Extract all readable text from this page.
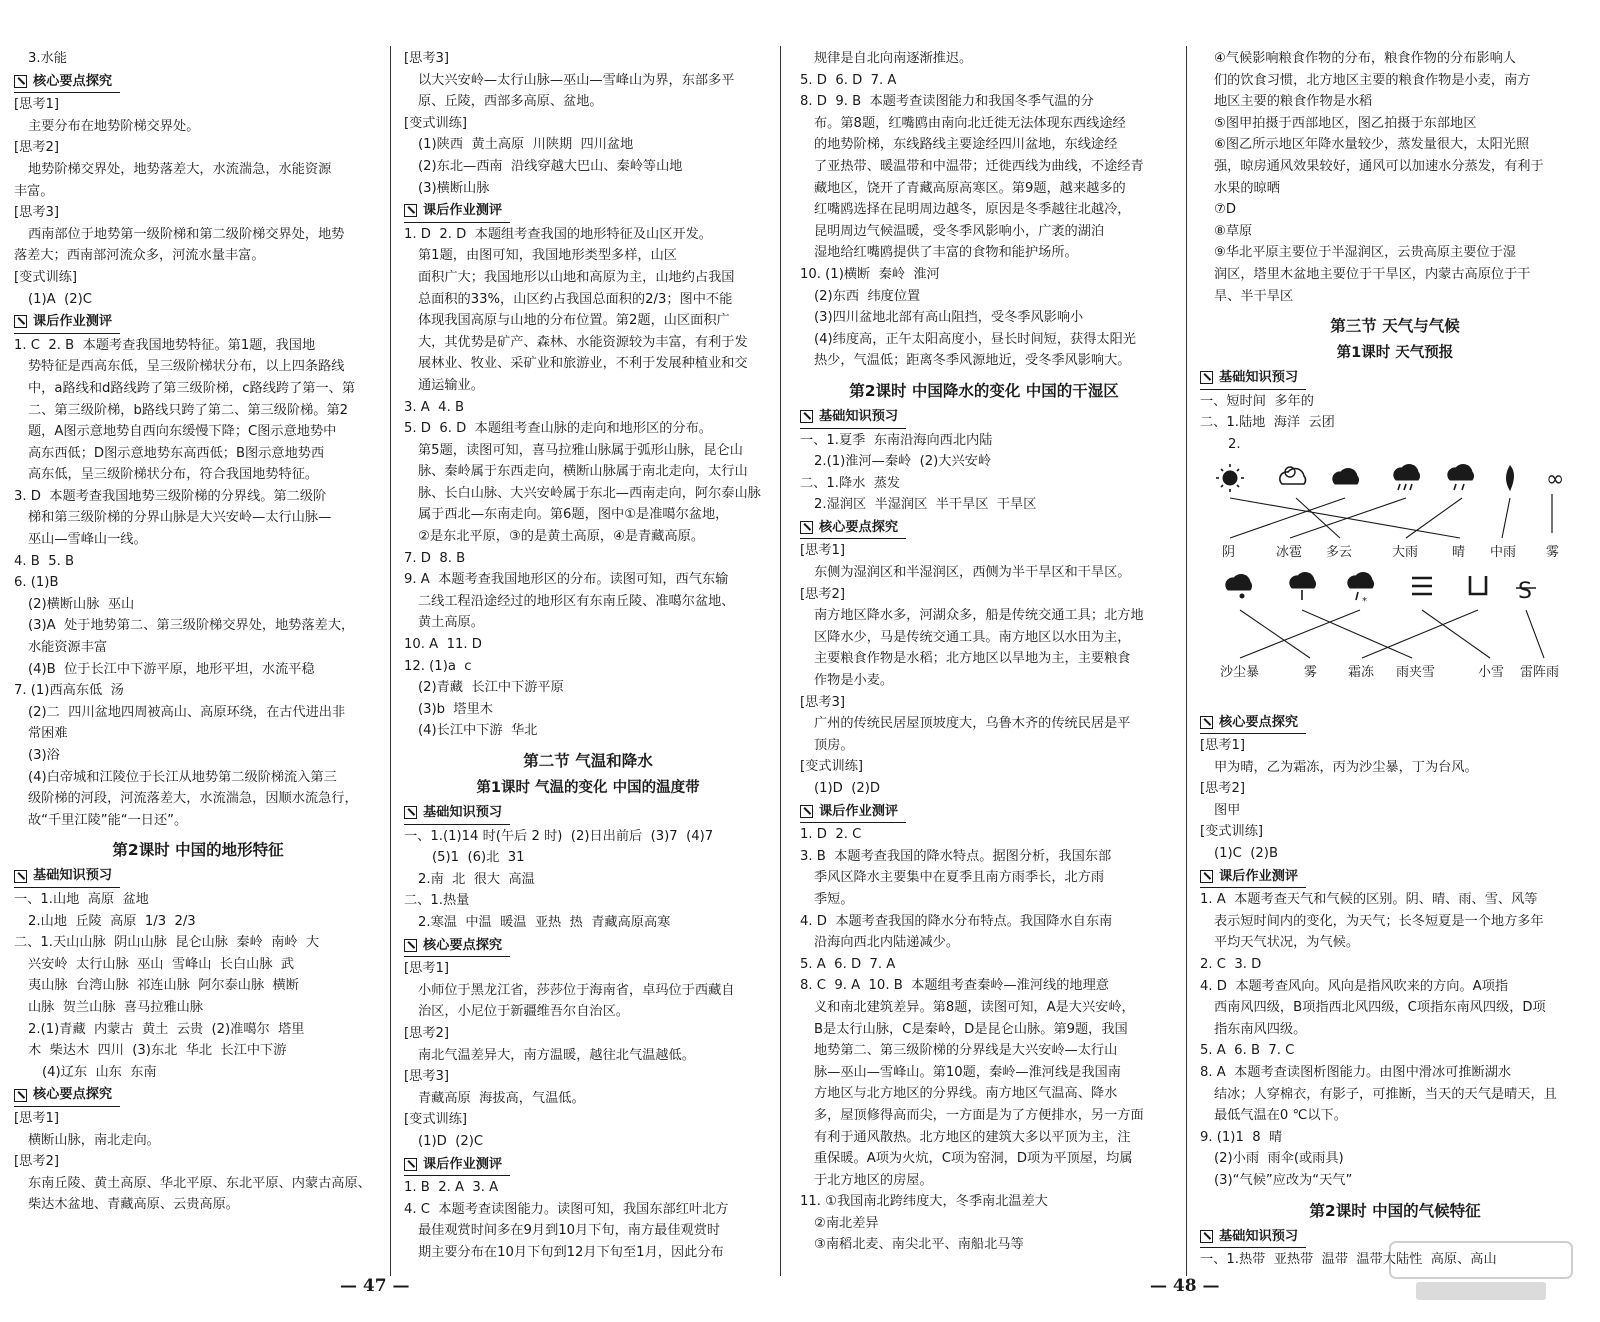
3.水能

核心要点探究

[思考1]

主要分布在地势阶梯交界处。

[思考2]

地势阶梯交界处，地势落差大，水流湍急，水能资源

丰富。

[思考3]

西南部位于地势第一级阶梯和第二级阶梯交界处，地势

落差大；西南部河流众多，河流水量丰富。

[变式训练]

(1)A  (2)C

课后作业测评

1. C  2. B  本题考查我国地势特征。第1题，我国地

势特征是西高东低，呈三级阶梯状分布，以上四条路线

中，a路线和d路线跨了第三级阶梯，c路线跨了第一、第

二、第三级阶梯，b路线只跨了第二、第三级阶梯。第2

题，A图示意地势自西向东缓慢下降；C图示意地势中

高东西低；D图示意地势东高西低；B图示意地势西

高东低，呈三级阶梯状分布，符合我国地势特征。

3. D  本题考查我国地势三级阶梯的分界线。第二级阶

梯和第三级阶梯的分界山脉是大兴安岭—太行山脉—

巫山—雪峰山一线。

4. B  5. B

6. (1)B

(2)横断山脉  巫山

(3)A  处于地势第二、第三级阶梯交界处，地势落差大，

水能资源丰富

(4)B  位于长江中下游平原，地形平坦，水流平稳

7. (1)西高东低  汤

(2)二  四川盆地四周被高山、高原环绕，在古代进出非

常困难

(3)浴

(4)白帝城和江陵位于长江从地势第二级阶梯流入第三

级阶梯的河段，河流落差大，水流湍急，因顺水流急行，

故“千里江陵”能“一日还”。

第2课时 中国的地形特征
基础知识预习

一、1.山地  高原  盆地

2.山地  丘陵  高原  1/3  2/3

二、1.天山山脉  阴山山脉  昆仑山脉  秦岭  南岭  大

兴安岭  太行山脉  巫山  雪峰山  长白山脉  武

夷山脉  台湾山脉  祁连山脉  阿尔泰山脉  横断

山脉  贺兰山脉  喜马拉雅山脉

2.(1)青藏  内蒙古  黄土  云贵  (2)准噶尔  塔里

木  柴达木  四川  (3)东北  华北  长江中下游

(4)辽东  山东  东南

核心要点探究

[思考1]

横断山脉，南北走向。

[思考2]

东南丘陵、黄土高原、华北平原、东北平原、内蒙古高原、

柴达木盆地、青藏高原、云贵高原。

[思考3]

以大兴安岭—太行山脉—巫山—雪峰山为界，东部多平

原、丘陵，西部多高原、盆地。

[变式训练]

(1)陕西  黄土高原  川陕期  四川盆地

(2)东北—西南  沿线穿越大巴山、秦岭等山地

(3)横断山脉

课后作业测评

1. D  2. D  本题组考查我国的地形特征及山区开发。

第1题，由图可知，我国地形类型多样，山区

面积广大；我国地形以山地和高原为主，山地约占我国

总面积的33%，山区约占我国总面积的2/3；图中不能

体现我国高原与山地的分布位置。第2题，山区面积广

大，其优势是矿产、森林、水能资源较为丰富，有利于发

展林业、牧业、采矿业和旅游业，不利于发展种植业和交

通运输业。

3. A  4. B

5. D  6. D  本题组考查山脉的走向和地形区的分布。

第5题，读图可知，喜马拉雅山脉属于弧形山脉，昆仑山

脉、秦岭属于东西走向，横断山脉属于南北走向，太行山

脉、长白山脉、大兴安岭属于东北—西南走向，阿尔泰山脉

属于西北—东南走向。第6题，图中①是准噶尔盆地，

②是东北平原，③的是黄土高原，④是青藏高原。

7. D  8. B

9. A  本题考查我国地形区的分布。读图可知，西气东输

二线工程沿途经过的地形区有东南丘陵、准噶尔盆地、

黄土高原。

10. A  11. D

12. (1)a  c

(2)青藏  长江中下游平原

(3)b  塔里木

(4)长江中下游  华北

第二节 气温和降水
第1课时 气温的变化 中国的温度带
基础知识预习

一、1.(1)14 时(午后 2 时)  (2)日出前后  (3)7  (4)7

(5)1  (6)北  31

2.南  北  很大  高温

二、1.热量

2.寒温  中温  暖温  亚热  热  青藏高原高寒

核心要点探究

[思考1]

小师位于黑龙江省，莎莎位于海南省，卓玛位于西藏自

治区，小尼位于新疆维吾尔自治区。

[思考2]

南北气温差异大，南方温暖，越往北气温越低。

[思考3]

青藏高原  海拔高，气温低。

[变式训练]

(1)D  (2)C

课后作业测评

1. B  2. A  3. A

4. C  本题考查读图能力。读图可知，我国东部红叶北方

最佳观赏时间多在9月到10月下旬，南方最佳观赏时

期主要分布在10月下旬到12月下旬至1月，因此分布

规律是自北向南逐渐推迟。

5. D  6. D  7. A

8. D  9. B  本题考查读图能力和我国冬季气温的分

布。第8题，红嘴鸥由南向北迁徙无法体现东西线途经

的地势阶梯，东线路线主要途经四川盆地，东线途经

了亚热带、暖温带和中温带；迁徙西线为曲线，不途经青

藏地区，饶开了青藏高原高寒区。第9题，越来越多的

红嘴鸥选择在昆明周边越冬，原因是冬季越往北越冷，

昆明周边气候温暖，受冬季风影响小，广袤的湖泊

湿地给红嘴鸥提供了丰富的食物和能护场所。

10. (1)横断  秦岭  淮河

(2)东西  纬度位置

(3)四川盆地北部有高山阻挡，受冬季风影响小

(4)纬度高，正午太阳高度小，昼长时间短，获得太阳光

热少，气温低；距离冬季风源地近，受冬季风影响大。

第2课时 中国降水的变化 中国的干湿区
基础知识预习

一、1.夏季  东南沿海向西北内陆

2.(1)淮河—秦岭  (2)大兴安岭

二、1.降水  蒸发

2.湿润区  半湿润区  半干旱区  干旱区

核心要点探究

[思考1]

东侧为湿润区和半湿润区，西侧为半干旱区和干旱区。

[思考2]

南方地区降水多，河湖众多，船是传统交通工具；北方地

区降水少，马是传统交通工具。南方地区以水田为主，

主要粮食作物是水稻；北方地区以旱地为主，主要粮食

作物是小麦。

[思考3]

广州的传统民居屋顶坡度大，乌鲁木齐的传统民居是平

顶房。

[变式训练]

(1)D  (2)D

课后作业测评

1. D  2. C

3. B  本题考查我国的降水特点。据图分析，我国东部

季风区降水主要集中在夏季且南方雨季长，北方雨

季短。

4. D  本题考查我国的降水分布特点。我国降水自东南

沿海向西北内陆递减少。

5. A  6. D  7. A

8. C  9. A  10. B  本题组考查秦岭—淮河线的地理意

义和南北建筑差异。第8题，读图可知，A是大兴安岭，

B是太行山脉，C是秦岭，D是昆仑山脉。第9题，我国

地势第二、第三级阶梯的分界线是大兴安岭—太行山

脉—巫山—雪峰山。第10题，秦岭—淮河线是我国南

方地区与北方地区的分界线。南方地区气温高、降水

多，屋顶修得高而尖，一方面是为了方便排水，另一方面

有利于通风散热。北方地区的建筑大多以平顶为主，注

重保暖。A项为火炕，C项为窑洞，D项为平顶屋，均属

于北方地区的房屋。

11. ①我国南北跨纬度大，冬季南北温差大

②南北差异

③南稻北麦、南尖北平、南船北马等

④气候影响粮食作物的分布，粮食作物的分布影响人

们的饮食习惯，北方地区主要的粮食作物是小麦，南方

地区主要的粮食作物是水稻

⑤图甲拍摄于西部地区，图乙拍摄于东部地区

⑥图乙所示地区年降水量较少，蒸发量很大，太阳光照

强，晾房通风效果较好，通风可以加速水分蒸发，有利于

水果的晾晒

⑦D

⑧草原

⑨华北平原主要位于半湿润区，云贵高原主要位于湿

润区，塔里木盆地主要位于干旱区，内蒙古高原位于干

旱、半干旱区

第三节 天气与气候
第1课时 天气预报
基础知识预习

一、短时间  多年的

二、1.陆地  海洋  云团

2.

∞
*	S
阴	冰雹 多云	大雨	晴 中雨 雾
沙尘暴	雾 霜冻 雨夹雪	小雪 雷阵雨
核心要点探究

[思考1]

甲为晴，乙为霜冻，丙为沙尘暴，丁为台风。

[思考2]

图甲

[变式训练]

(1)C  (2)B

课后作业测评

1. A  本题考查天气和气候的区别。阴、晴、雨、雪、风等

表示短时间内的变化，为天气；长冬短夏是一个地方多年

平均天气状况，为气候。

2. C  3. D

4. D  本题考查风向。风向是指风吹来的方向。A项指

西南风四级，B项指西北风四级，C项指东南风四级，D项

指东南风四级。

5. A  6. B  7. C

8. A  本题考查读图析图能力。由图中滑冰可推断湖水

结冰；人穿棉衣，有影子，可推断，当天的天气是晴天，且

最低气温在0 ℃以下。

9. (1)1  8  晴

(2)小雨  雨伞(或雨具)

(3)“气候”应改为“天气”

第2课时 中国的气候特征
基础知识预习

一、1.热带  亚热带  温带  温带大陆性  高原、高山

— 47 —	— 48 —
